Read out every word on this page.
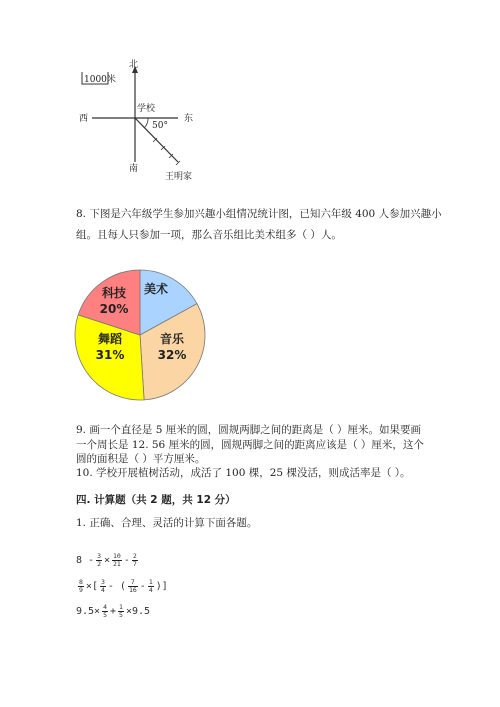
1000米
北
南
东
西
学校
50°
王明家
8. 下图是六年级学生参加兴趣小组情况统计图，已知六年级 400 人参加兴趣小
组。且每人只参加一项，那么音乐组比美术组多（ ）人。
美术
科技
20%
舞蹈
31%
音乐
32%
9. 画一个直径是 5 厘米的圆，圆规两脚之间的距离是（ ）厘米。如果要画
一个周长是 12. 56 厘米的圆，圆规两脚之间的距离应该是（ ）厘米，这个
圆的面积是（ ）平方厘米。
10. 学校开展植树活动，成活了 100 棵，25 棵没活，则成活率是（ ）。
四. 计算题（共 2 题，共 12 分）
1. 正确、合理、灵活的计算下面各题。
$8 - \frac{3}{2} \times \frac{10}{21} - \frac{2}{7}$
$\frac{8}{9}$ ×[ $\frac{3}{4}$ - ( $\frac{7}{16} - \frac{1}{4}$ )]
$9.5\times \frac{4}{5} + \frac{1}{5} \times 9.5$
